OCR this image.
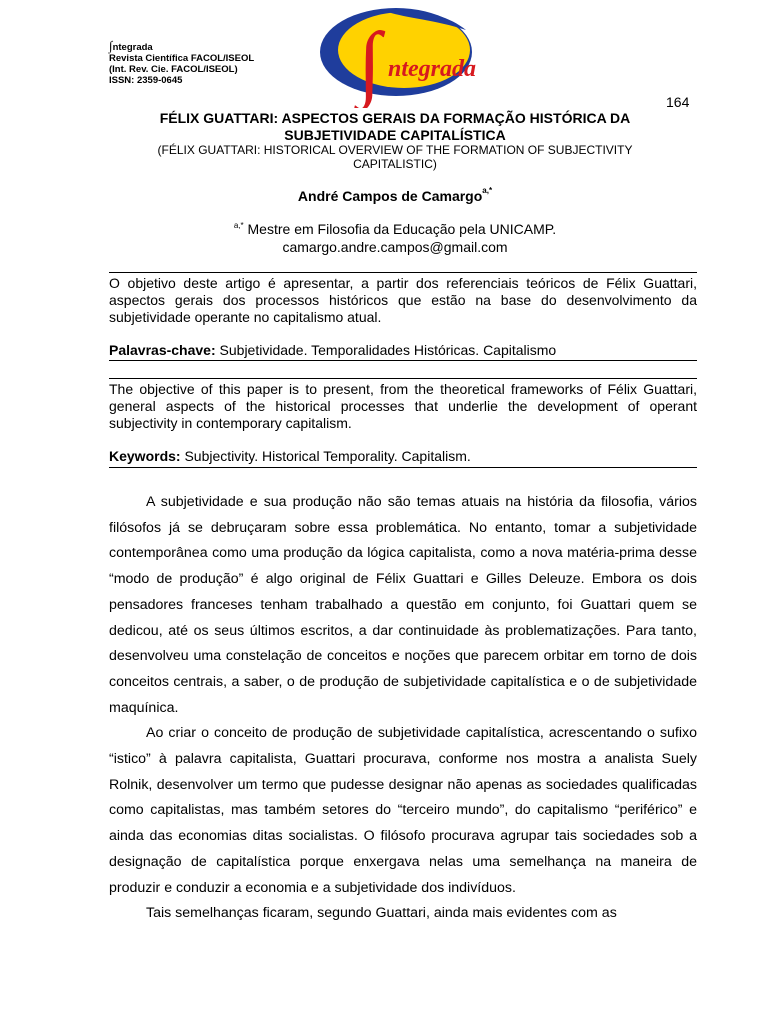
∫ntegrada
Revista Científica FACOL/ISEOL
(Int. Rev. Cie. FACOL/ISEOL)
ISSN: 2359-0645	∫ ntegrada
164
FÉLIX GUATTARI: ASPECTOS GERAIS DA FORMAÇÃO HISTÓRICA DA
SUBJETIVIDADE CAPITALÍSTICA
(FÉLIX GUATTARI: HISTORICAL OVERVIEW OF THE FORMATION OF SUBJECTIVITY
CAPITALISTIC)
André Campos de Camargo$^{a,*}$
$^{a,*}$ Mestre em Filosofia da Educação pela UNICAMP.
camargo.andre.campos@gmail.com
O objetivo deste artigo é apresentar, a partir dos referenciais teóricos de Félix Guattari, aspectos gerais dos processos históricos que estão na base do desenvolvimento da subjetividade operante no capitalismo atual.
Palavras-chave: Subjetividade. Temporalidades Históricas. Capitalismo
The objective of this paper is to present, from the theoretical frameworks of Félix Guattari, general aspects of the historical processes that underlie the development of operant subjectivity in contemporary capitalism.
Keywords: Subjectivity. Historical Temporality. Capitalism.

A subjetividade e sua produção não são temas atuais na história da filosofia, vários filósofos já se debruçaram sobre essa problemática. No entanto, tomar a subjetividade contemporânea como uma produção da lógica capitalista, como a nova matéria-prima desse “modo de produção” é algo original de Félix Guattari e Gilles Deleuze. Embora os dois pensadores franceses tenham trabalhado a questão em conjunto, foi Guattari quem se dedicou, até os seus últimos escritos, a dar continuidade às problematizações. Para tanto, desenvolveu uma constelação de conceitos e noções que parecem orbitar em torno de dois conceitos centrais, a saber, o de produção de subjetividade capitalística e o de subjetividade maquínica.

Ao criar o conceito de produção de subjetividade capitalística, acrescentando o sufixo “istico” à palavra capitalista, Guattari procurava, conforme nos mostra a analista Suely Rolnik, desenvolver um termo que pudesse designar não apenas as sociedades qualificadas como capitalistas, mas também setores do “terceiro mundo”, do capitalismo “periférico” e ainda das economias ditas socialistas. O filósofo procurava agrupar tais sociedades sob a designação de capitalística porque enxergava nelas uma semelhança na maneira de produzir e conduzir a economia e a subjetividade dos indivíduos.

Tais semelhanças ficaram, segundo Guattari, ainda mais evidentes com as
